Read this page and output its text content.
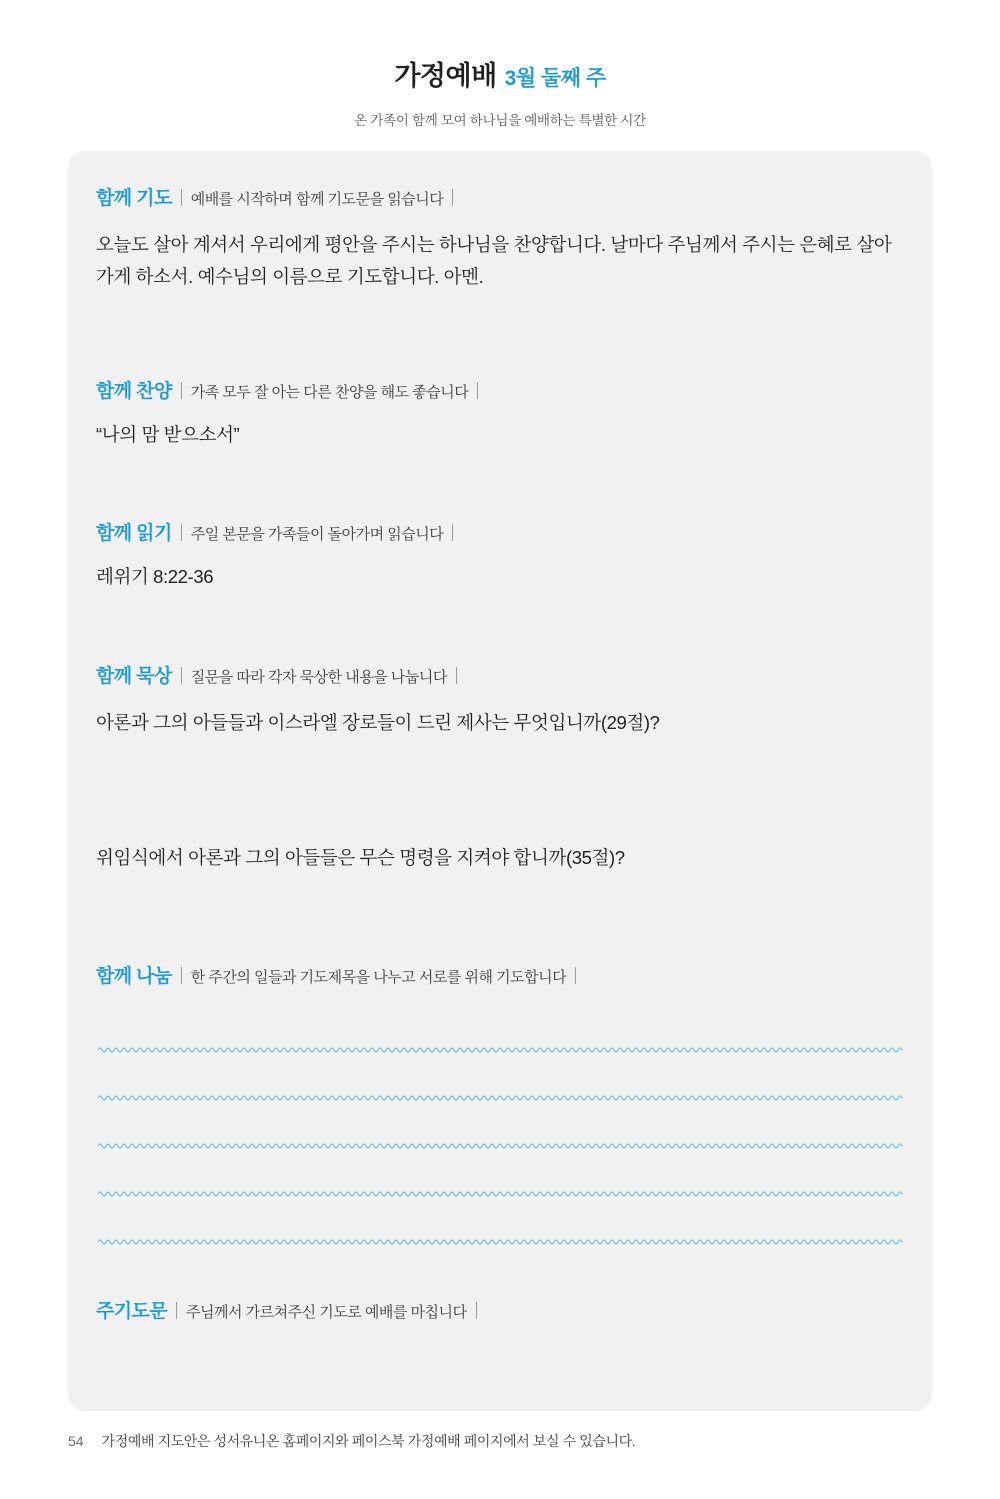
가정예배 3월 둘째 주
온 가족이 함께 모여 하나님을 예배하는 특별한 시간
함께 기도 예배를 시작하며 함께 기도문을 읽습니다
오늘도 살아 계셔서 우리에게 평안을 주시는 하나님을 찬양합니다. 날마다 주님께서 주시는 은혜로 살아가게 하소서. 예수님의 이름으로 기도합니다. 아멘.
함께 찬양 가족 모두 잘 아는 다른 찬양을 해도 좋습니다
“나의 맘 받으소서”
함께 읽기 주일 본문을 가족들이 돌아가며 읽습니다
레위기 8:22-36
함께 묵상 질문을 따라 각자 묵상한 내용을 나눕니다
아론과 그의 아들들과 이스라엘 장로들이 드린 제사는 무엇입니까(29절)?
위임식에서 아론과 그의 아들들은 무슨 명령을 지켜야 합니까(35절)?
함께 나눔 한 주간의 일들과 기도제목을 나누고 서로를 위해 기도합니다
주기도문 주님께서 가르쳐주신 기도로 예배를 마칩니다
54 가정예배 지도안은 성서유니온 홈페이지와 페이스북 가정예배 페이지에서 보실 수 있습니다.
